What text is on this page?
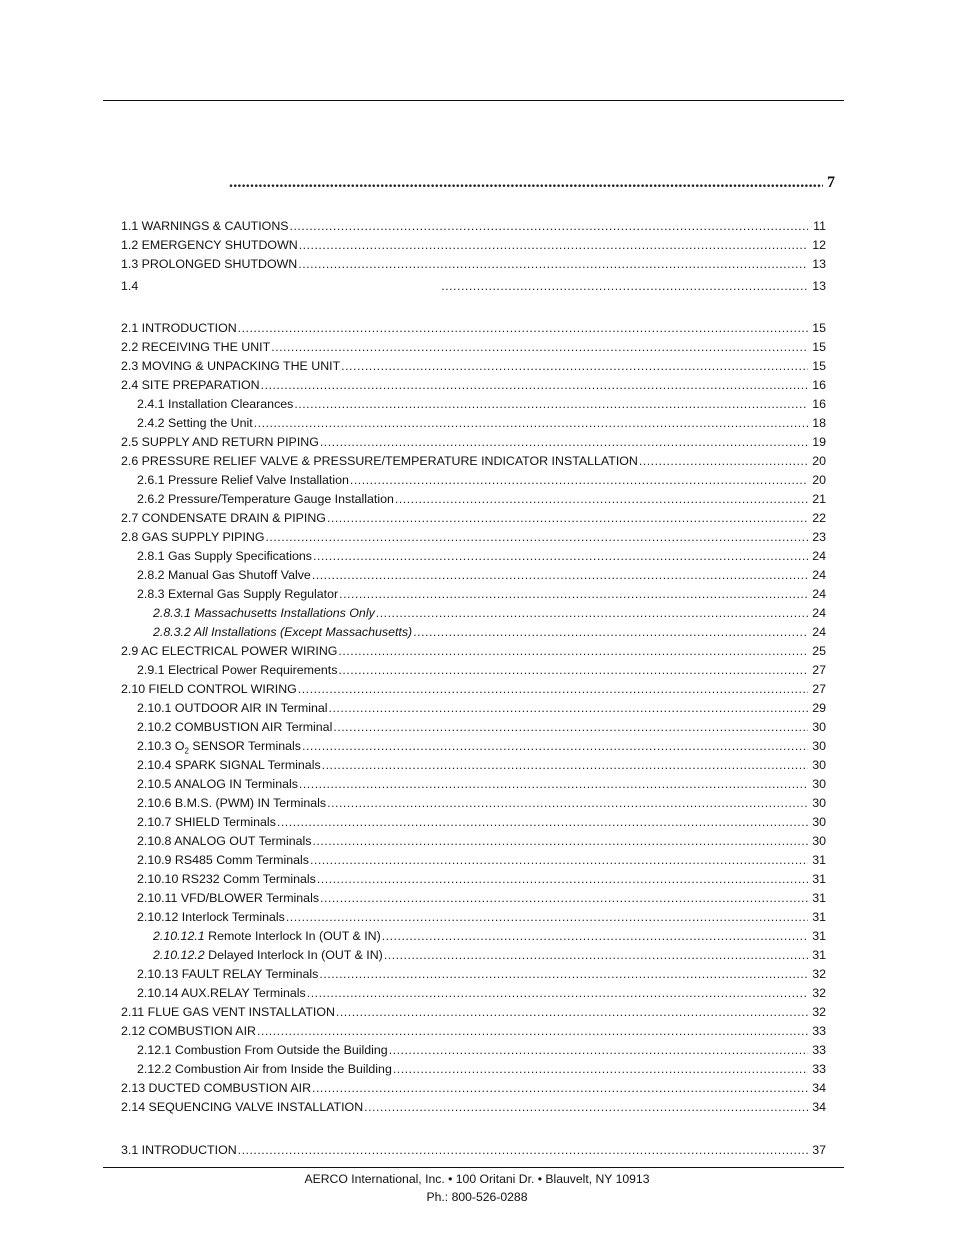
.....
7
1.1 WARNINGS & CAUTIONS .....	11
1.2 EMERGENCY SHUTDOWN .....	12
1.3 PROLONGED SHUTDOWN .....	13
1.4 .....	13
2.1 INTRODUCTION .....	15
2.2 RECEIVING THE UNIT .....	15
2.3 MOVING & UNPACKING THE UNIT .....	15
2.4 SITE PREPARATION .....	16
2.4.1 Installation Clearances .....	16
2.4.2 Setting the Unit .....	18
2.5 SUPPLY AND RETURN PIPING .....	19
2.6 PRESSURE RELIEF VALVE & PRESSURE/TEMPERATURE INDICATOR INSTALLATION .....	20
2.6.1 Pressure Relief Valve Installation .....	20
2.6.2 Pressure/Temperature Gauge Installation .....	21
2.7 CONDENSATE DRAIN & PIPING .....	22
2.8 GAS SUPPLY PIPING .....	23
2.8.1 Gas Supply Specifications .....	24
2.8.2 Manual Gas Shutoff Valve .....	24
2.8.3 External Gas Supply Regulator .....	24
2.8.3.1 Massachusetts Installations Only .....	24
2.8.3.2 All Installations (Except Massachusetts) .....	24
2.9 AC ELECTRICAL POWER WIRING .....	25
2.9.1 Electrical Power Requirements .....	27
2.10 FIELD CONTROL WIRING .....	27
2.10.1 OUTDOOR AIR IN Terminal .....	29
2.10.2 COMBUSTION AIR Terminal .....	30
2.10.3 $O_2$ SENSOR Terminals .....	30
2.10.4 SPARK SIGNAL Terminals .....	30
2.10.5 ANALOG IN Terminals .....	30
2.10.6 B.M.S. (PWM) IN Terminals .....	30
2.10.7 SHIELD Terminals .....	30
2.10.8 ANALOG OUT Terminals .....	30
2.10.9 RS485 Comm Terminals .....	31
2.10.10 RS232 Comm Terminals .....	31
2.10.11 VFD/BLOWER Terminals .....	31
2.10.12 Interlock Terminals .....	31
2.10.12.1 Remote Interlock In (OUT & IN) .....	31
2.10.12.2 Delayed Interlock In (OUT & IN) .....	31
2.10.13 FAULT RELAY Terminals .....	32
2.10.14 AUX.RELAY Terminals .....	32
2.11 FLUE GAS VENT INSTALLATION .....	32
2.12 COMBUSTION AIR .....	33
2.12.1 Combustion From Outside the Building .....	33
2.12.2 Combustion Air from Inside the Building .....	33
2.13 DUCTED COMBUSTION AIR .....	34
2.14 SEQUENCING VALVE INSTALLATION .....	34
3.1 INTRODUCTION .....	37
AERCO International, Inc. • 100 Oritani Dr. • Blauvelt, NY 10913
Ph.: 800-526-0288
